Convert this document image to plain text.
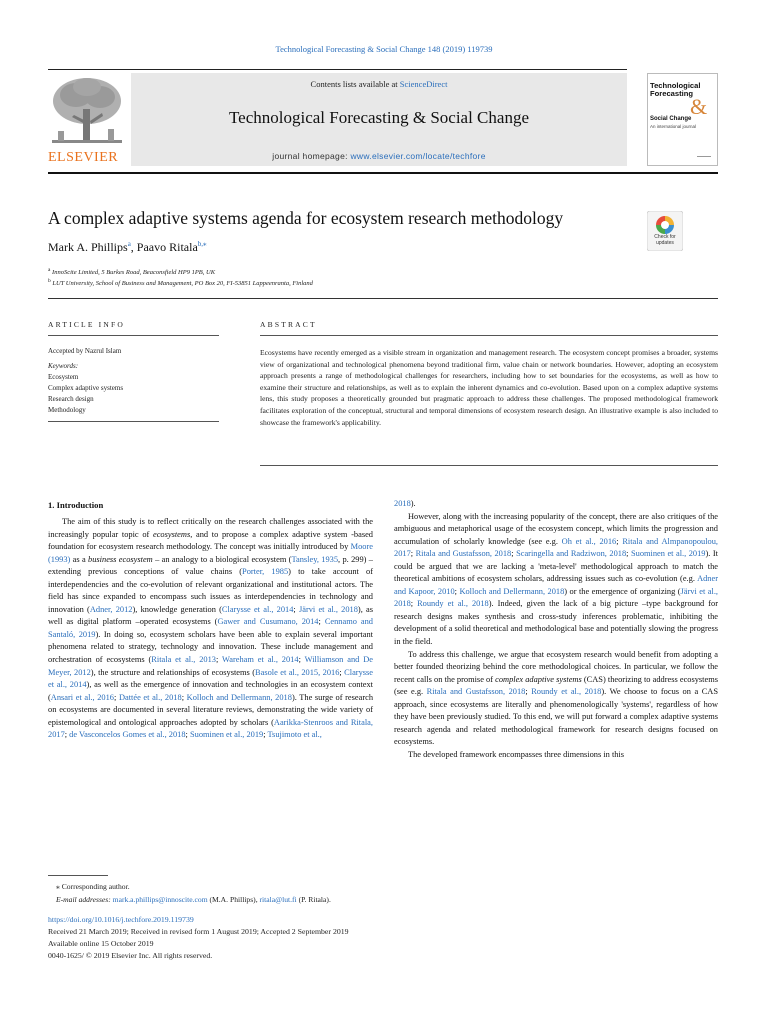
Technological Forecasting & Social Change 148 (2019) 119739
ELSEVIER
Contents lists available at ScienceDirect
Technological Forecasting & Social Change
journal homepage: www.elsevier.com/locate/techfore
Technological
Forecasting
&
Social Change
An international journal
A complex adaptive systems agenda for ecosystem research methodology
Check for updates
Mark A. Phillips$^a$, Paavo Ritala$^{b,⁎}$
$^a$ InnoScite Limited, 5 Burkes Road, Beaconsfield HP9 1PB, UK
$^b$ LUT University, School of Business and Management, PO Box 20, FI-53851 Lappeenranta, Finland
ARTICLE INFO
Accepted by Nazrul Islam
Keywords:
Ecosystem
Complex adaptive systems
Research design
Methodology
ABSTRACT
Ecosystems have recently emerged as a visible stream in organization and management research. The ecosystem concept promises a broader, systems view of organizational and technological phenomena beyond traditional firm, value chain or network boundaries. However, adopting an ecosystem approach presents a range of methodological challenges for researchers, including how to set boundaries for the ecosystems, as well as how to examine their structure and relationships, as well as to explain the inherent dynamics and co-evolution. Based upon on a complex adaptive systems lens, this study proposes a theoretically grounded but pragmatic approach to address these challenges. The proposed methodological framework facilitates exploration of the conceptual, structural and temporal dimensions of ecosystem research design. An illustrative example is also included to showcase the framework's applicability.
1. Introduction

The aim of this study is to reflect critically on the research challenges associated with the increasingly popular topic of ecosystems, and to propose a complex adaptive system -based foundation for ecosystem research methodology. The concept was initially introduced by Moore (1993) as a business ecosystem – an analogy to a biological ecosystem (Tansley, 1935, p. 299) – extending previous conceptions of value chains (Porter, 1985) to take account of interdependencies and the co-evolution of relevant organizational and institutional actors. The field has since expanded to encompass such issues as interdependencies in technology and innovation (Adner, 2012), knowledge generation (Clarysse et al., 2014; Järvi et al., 2018), as well as digital platform –operated ecosystems (Gawer and Cusumano, 2014; Cennamo and Santaló, 2019). In doing so, ecosystem scholars have been able to explain several important phenomena related to strategy, technology and innovation. These include management and orchestration of ecosystems (Ritala et al., 2013; Wareham et al., 2014; Williamson and De Meyer, 2012), the structure and relationships of ecosystems (Basole et al., 2015, 2016; Clarysse et al., 2014), as well as the emergence of innovation and technologies in an ecosystem context (Ansari et al., 2016; Dattée et al., 2018; Kolloch and Dellermann, 2018). The surge of research on ecosystems are documented in several literature reviews, demonstrating the wide variety of epistemological and ontological approaches adopted by scholars (Aarikka-Stenroos and Ritala, 2017; de Vasconcelos Gomes et al., 2018; Suominen et al., 2019; Tsujimoto et al.,

2018).

However, along with the increasing popularity of the concept, there are also critiques of the ambiguous and metaphorical usage of the ecosystem concept, which limits the progression and accumulation of scholarly knowledge (see e.g. Oh et al., 2016; Ritala and Almpanopoulou, 2017; Ritala and Gustafsson, 2018; Scaringella and Radziwon, 2018; Suominen et al., 2019). It could be argued that we are lacking a 'meta-level' methodological approach to match the theoretical ambitions of ecosystem scholars, addressing issues such as co-evolution (e.g. Adner and Kapoor, 2010; Kolloch and Dellermann, 2018) or the emergence of organizing (Järvi et al., 2018; Roundy et al., 2018). Indeed, given the lack of a big picture –type background for research designs makes synthesis and cross-study inferences problematic, inhibiting the development of a solid theoretical and methodological base and potentially slowing the progress in the field.

To address this challenge, we argue that ecosystem research would benefit from adopting a better founded theorizing behind the core methodological choices. In particular, we follow the recent calls on the promise of complex adaptive systems (CAS) theorizing to address ecosystems (see e.g. Ritala and Gustafsson, 2018; Roundy et al., 2018). We choose to focus on a CAS approach, since ecosystems are literally and phenomenologically 'systems', regardless of how they have been previously studied. To this end, we will put forward a complex adaptive systems research agenda and related methodological framework for research designs focused on ecosystems.

The developed framework encompasses three dimensions in this

⁎ Corresponding author.
E-mail addresses: mark.a.phillips@innoscite.com (M.A. Phillips), ritala@lut.fi (P. Ritala).
https://doi.org/10.1016/j.techfore.2019.119739
Received 21 March 2019; Received in revised form 1 August 2019; Accepted 2 September 2019
Available online 15 October 2019
0040-1625/ © 2019 Elsevier Inc. All rights reserved.
